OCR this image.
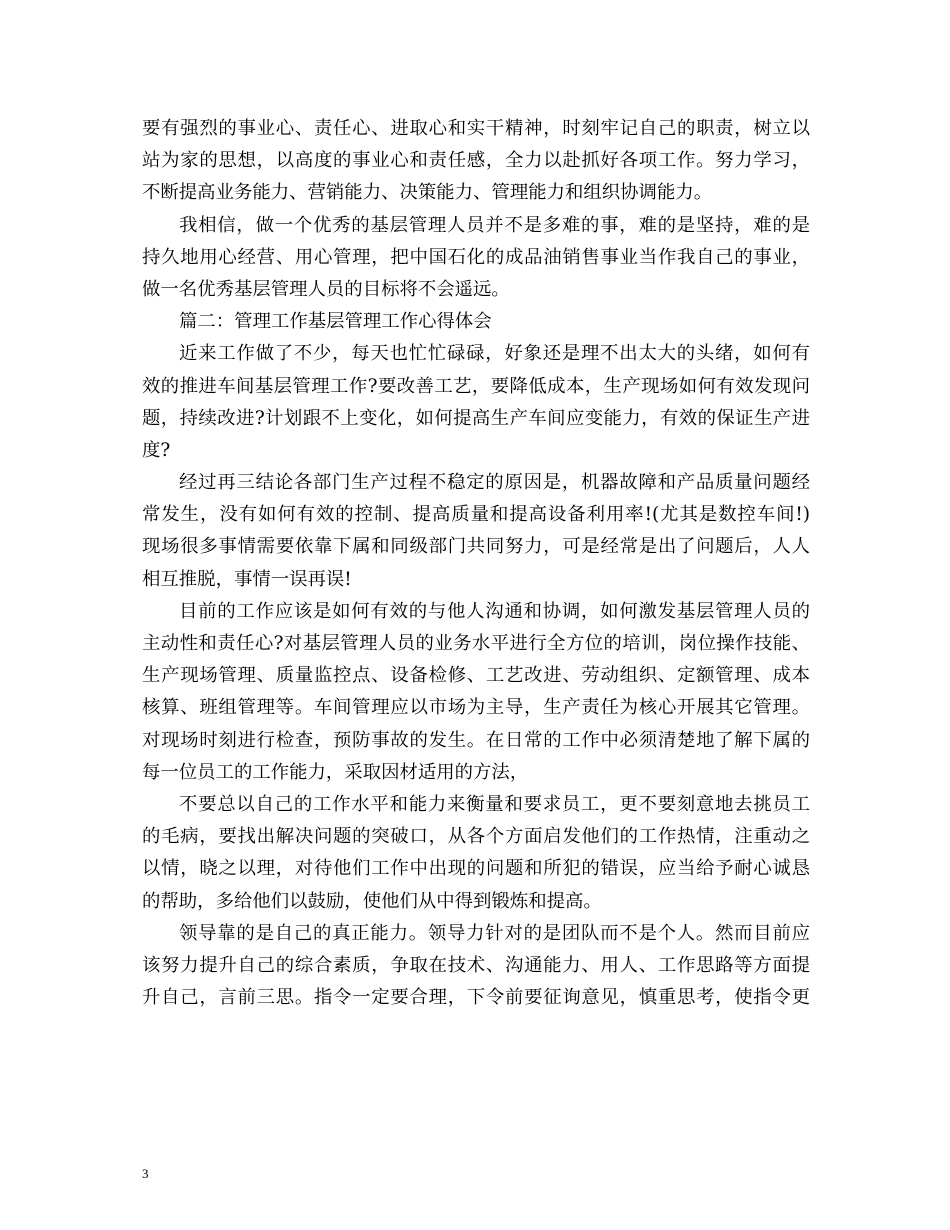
要有强烈的事业心、责任心、进取心和实干精神，时刻牢记自己的职责，树立以
站为家的思想，以高度的事业心和责任感，全力以赴抓好各项工作。努力学习，
不断提高业务能力、营销能力、决策能力、管理能力和组织协调能力。
我相信，做一个优秀的基层管理人员并不是多难的事，难的是坚持，难的是
持久地用心经营、用心管理，把中国石化的成品油销售事业当作我自己的事业，
做一名优秀基层管理人员的目标将不会遥远。
篇二：管理工作基层管理工作心得体会
近来工作做了不少，每天也忙忙碌碌，好象还是理不出太大的头绪，如何有
效的推进车间基层管理工作?要改善工艺，要降低成本，生产现场如何有效发现问
题，持续改进?计划跟不上变化，如何提高生产车间应变能力，有效的保证生产进
度?
经过再三结论各部门生产过程不稳定的原因是，机器故障和产品质量问题经
常发生，没有如何有效的控制、提高质量和提高设备利用率!(尤其是数控车间!)
现场很多事情需要依靠下属和同级部门共同努力，可是经常是出了问题后，人人
相互推脱，事情一误再误!
目前的工作应该是如何有效的与他人沟通和协调，如何激发基层管理人员的
主动性和责任心?对基层管理人员的业务水平进行全方位的培训，岗位操作技能、
生产现场管理、质量监控点、设备检修、工艺改进、劳动组织、定额管理、成本
核算、班组管理等。车间管理应以市场为主导，生产责任为核心开展其它管理。
对现场时刻进行检查，预防事故的发生。在日常的工作中必须清楚地了解下属的
每一位员工的工作能力，采取因材适用的方法，
不要总以自己的工作水平和能力来衡量和要求员工，更不要刻意地去挑员工
的毛病，要找出解决问题的突破口，从各个方面启发他们的工作热情，注重动之
以情，晓之以理，对待他们工作中出现的问题和所犯的错误，应当给予耐心诚恳
的帮助，多给他们以鼓励，使他们从中得到锻炼和提高。
领导靠的是自己的真正能力。领导力针对的是团队而不是个人。然而目前应
该努力提升自己的综合素质，争取在技术、沟通能力、用人、工作思路等方面提
升自己，言前三思。指令一定要合理，下令前要征询意见，慎重思考，使指令更
3
